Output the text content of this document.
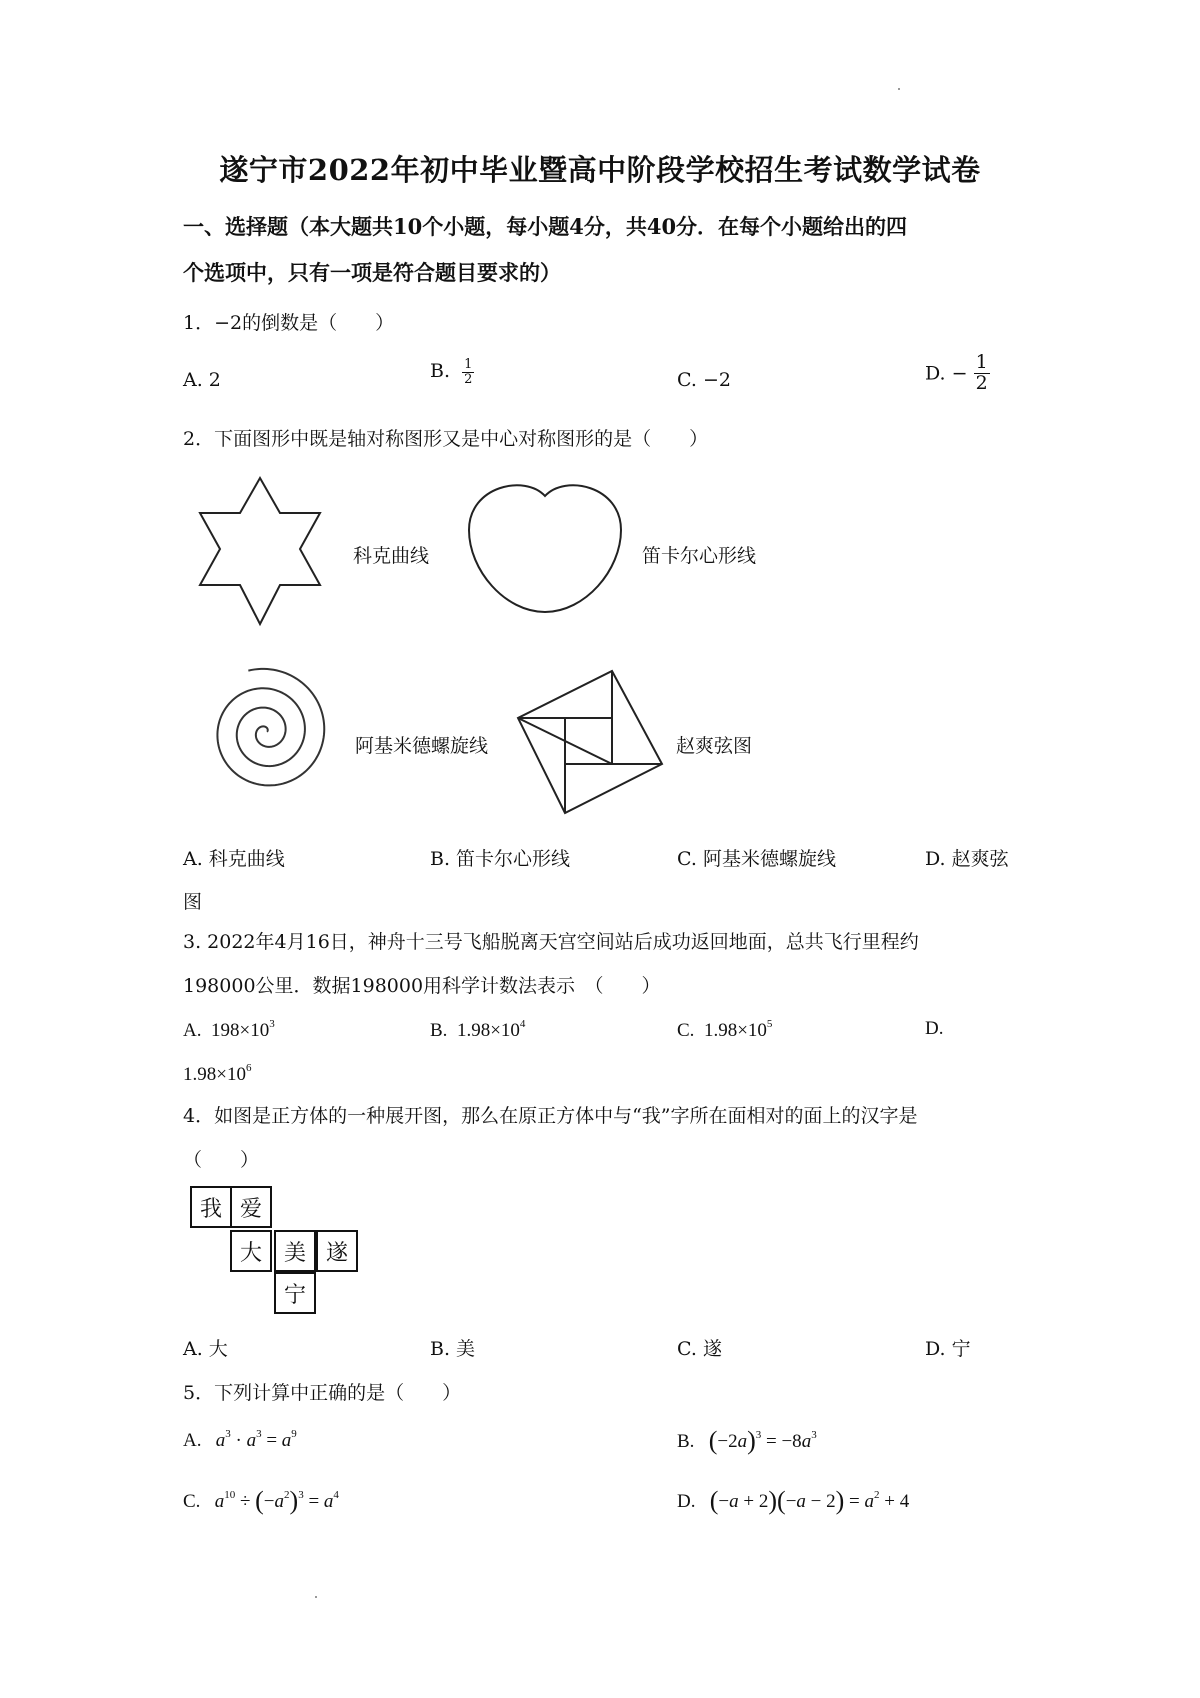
遂宁市2022年初中毕业暨高中阶段学校招生考试数学试卷
一、选择题（本大题共10个小题，每小题4分，共40分．在每个小题给出的四
个选项中，只有一项是符合题目要求的）
1．−2的倒数是（　　）
A. 2	B. $\frac{1}{2}$	C. −2	D. − $\frac{1}{2}$
2．下面图形中既是轴对称图形又是中心对称图形的是（　　）
科克曲线	笛卡尔心形线
阿基米德螺旋线	赵爽弦图
A. 科克曲线	B. 笛卡尔心形线	C. 阿基米德螺旋线	D. 赵爽弦
图
3. 2022年4月16日，神舟十三号飞船脱离天宫空间站后成功返回地面，总共飞行里程约
198000公里．数据198000用科学计数法表示　（　　）
A. $198\times 10^3$	B. $1.98\times 10^4$	C. $1.98\times 10^5$	D.
$1.98\times 10^6$
4．如图是正方体的一种展开图，那么在原正方体中与“我”字所在面相对的面上的汉字是
（　　）
我 爱
大 美 遂
宁
A. 大	B. 美	C. 遂	D. 宁
5．下列计算中正确的是（　　）
A. $a^3 \cdot a^3 = a^9$	B. $(-2a)^3 = -8a^3$
C. $a^{10} \div (-a^2)^3 = a^4$	D. $(-a + 2)(-a - 2) = a^2 + 4$
